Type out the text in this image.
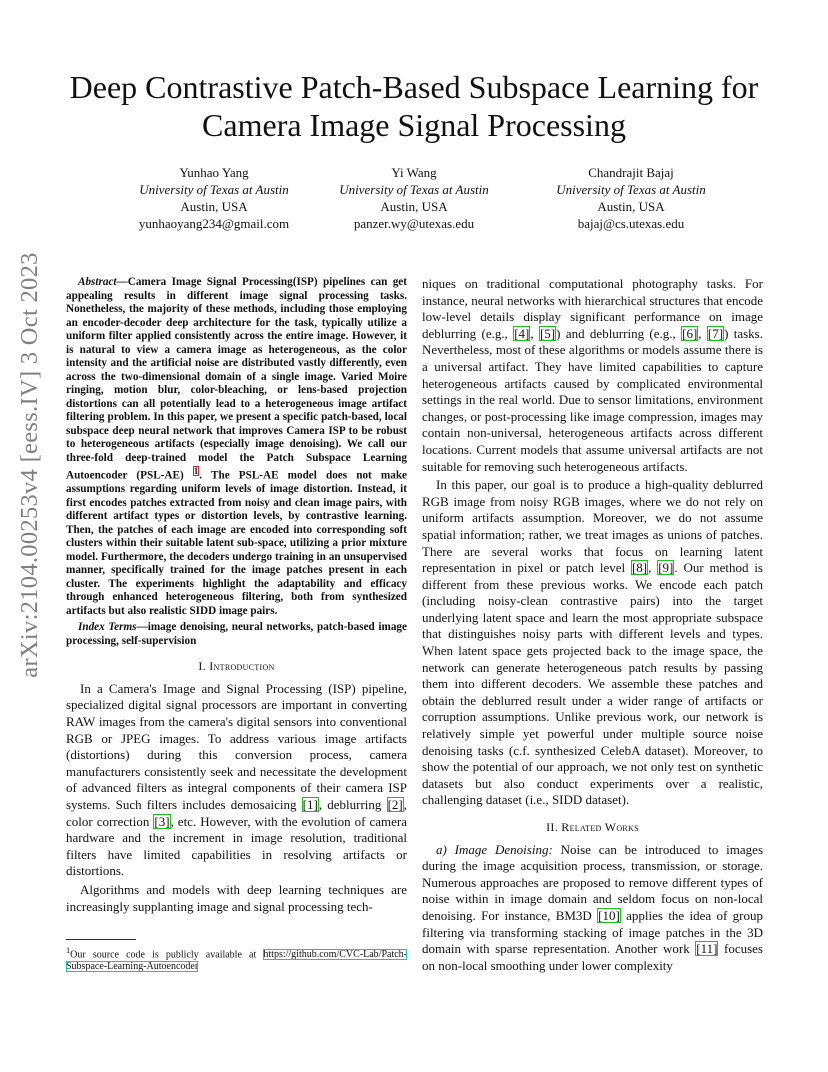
Deep Contrastive Patch-Based Subspace Learning for Camera Image Signal Processing
Yunhao Yang
University of Texas at Austin
Austin, USA
yunhaoyang234@gmail.com
Yi Wang
University of Texas at Austin
Austin, USA
panzer.wy@utexas.edu
Chandrajit Bajaj
University of Texas at Austin
Austin, USA
bajaj@cs.utexas.edu
arXiv:2104.00253v4 [eess.IV] 3 Oct 2023	Abstract—Camera Image Signal Processing(ISP) pipelines can get appealing results in different image signal processing tasks. Nonetheless, the majority of these methods, including those employing an encoder-decoder deep architecture for the task, typically utilize a uniform filter applied consistently across the entire image. However, it is natural to view a camera image as heterogeneous, as the color intensity and the artificial noise are distributed vastly differently, even across the two-dimensional domain of a single image. Varied Moire ringing, motion blur, color-bleaching, or lens-based projection distortions can all potentially lead to a heterogeneous image artifact filtering problem. In this paper, we present a specific patch-based, local subspace deep neural network that improves Camera ISP to be robust to heterogeneous artifacts (especially image denoising). We call our three-fold deep-trained model the Patch Subspace Learning Autoencoder (PSL-AE) $^1$. The PSL-AE model does not make assumptions regarding uniform levels of image distortion. Instead, it first encodes patches extracted from noisy and clean image pairs, with different artifact types or distortion levels, by contrastive learning. Then, the patches of each image are encoded into corresponding soft clusters within their suitable latent sub-space, utilizing a prior mixture model. Furthermore, the decoders undergo training in an unsupervised manner, specifically trained for the image patches present in each cluster. The experiments highlight the adaptability and efficacy through enhanced heterogeneous filtering, both from synthesized artifacts but also realistic SIDD image pairs.

Index Terms—image denoising, neural networks, patch-based image processing, self-supervision

I. Introduction

In a Camera's Image and Signal Processing (ISP) pipeline, specialized digital signal processors are important in converting RAW images from the camera's digital sensors into conventional RGB or JPEG images. To address various image artifacts (distortions) during this conversion process, camera manufacturers consistently seek and necessitate the development of advanced filters as integral components of their camera ISP systems. Such filters includes demosaicing [1], deblurring [2], color correction [3], etc. However, with the evolution of camera hardware and the increment in image resolution, traditional filters have limited capabilities in resolving artifacts or distortions.

Algorithms and models with deep learning techniques are increasingly supplanting image and signal processing tech-

niques on traditional computational photography tasks. For instance, neural networks with hierarchical structures that encode low-level details display significant performance on image deblurring (e.g., [4], [5]) and deblurring (e.g., [6], [7]) tasks. Nevertheless, most of these algorithms or models assume there is a universal artifact. They have limited capabilities to capture heterogeneous artifacts caused by complicated environmental settings in the real world. Due to sensor limitations, environment changes, or post-processing like image compression, images may contain non-universal, heterogeneous artifacts across different locations. Current models that assume universal artifacts are not suitable for removing such heterogeneous artifacts.

In this paper, our goal is to produce a high-quality deblurred RGB image from noisy RGB images, where we do not rely on uniform artifacts assumption. Moreover, we do not assume spatial information; rather, we treat images as unions of patches. There are several works that focus on learning latent representation in pixel or patch level [8], [9]. Our method is different from these previous works. We encode each patch (including noisy-clean contrastive pairs) into the target underlying latent space and learn the most appropriate subspace that distinguishes noisy parts with different levels and types. When latent space gets projected back to the image space, the network can generate heterogeneous patch results by passing them into different decoders. We assemble these patches and obtain the deblurred result under a wider range of artifacts or corruption assumptions. Unlike previous work, our network is relatively simple yet powerful under multiple source noise denoising tasks (c.f. synthesized CelebA dataset). Moreover, to show the potential of our approach, we not only test on synthetic datasets but also conduct experiments over a realistic, challenging dataset (i.e., SIDD dataset).

II. Related Works

a) Image Denoising: Noise can be introduced to images during the image acquisition process, transmission, or storage. Numerous approaches are proposed to remove different types of noise within in image domain and seldom focus on non-local denoising. For instance, BM3D [10] applies the idea of group filtering via transforming stacking of image patches in the 3D domain with sparse representation. Another work [11] focuses on non-local smoothing under lower complexity

$^1$Our source code is publicly available at https://github.com/CVC-Lab/Patch-Subspace-Learning-Autoencoder
